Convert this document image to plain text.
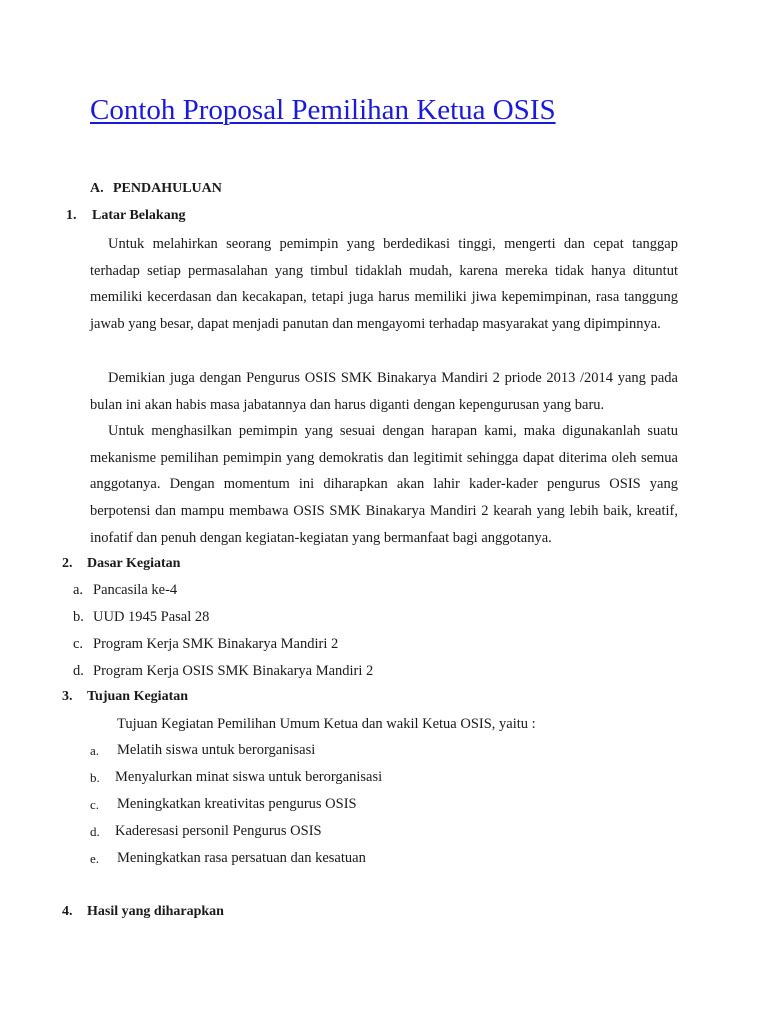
Contoh Proposal Pemilihan Ketua OSIS
A. PENDAHULUAN
1. Latar Belakang
Untuk melahirkan seorang pemimpin yang berdedikasi tinggi, mengerti dan cepat tanggap terhadap setiap permasalahan yang timbul tidaklah mudah, karena mereka tidak hanya dituntut memiliki kecerdasan dan kecakapan, tetapi juga harus memiliki jiwa kepemimpinan, rasa tanggung jawab yang besar, dapat menjadi panutan dan mengayomi terhadap masyarakat yang dipimpinnya.
Demikian juga dengan Pengurus OSIS SMK Binakarya Mandiri 2 priode 2013 /2014 yang pada bulan ini akan habis masa jabatannya dan harus diganti dengan kepengurusan yang baru.
Untuk menghasilkan pemimpin yang sesuai dengan harapan kami, maka digunakanlah suatu mekanisme pemilihan pemimpin yang demokratis dan legitimit sehingga dapat diterima oleh semua anggotanya. Dengan momentum ini diharapkan akan lahir kader-kader pengurus OSIS yang berpotensi dan mampu membawa OSIS SMK Binakarya Mandiri 2 kearah yang lebih baik, kreatif, inofatif dan penuh dengan kegiatan-kegiatan yang bermanfaat bagi anggotanya.
2. Dasar Kegiatan
a. Pancasila ke-4
b. UUD 1945 Pasal 28
c. Program Kerja SMK Binakarya Mandiri 2
d. Program Kerja OSIS SMK Binakarya Mandiri 2
3. Tujuan Kegiatan
Tujuan Kegiatan Pemilihan Umum Ketua dan wakil Ketua OSIS, yaitu :
a. Melatih siswa untuk berorganisasi
b. Menyalurkan minat siswa untuk berorganisasi
c. Meningkatkan kreativitas pengurus OSIS
d. Kaderesasi personil Pengurus OSIS
e. Meningkatkan rasa persatuan dan kesatuan
4. Hasil yang diharapkan
